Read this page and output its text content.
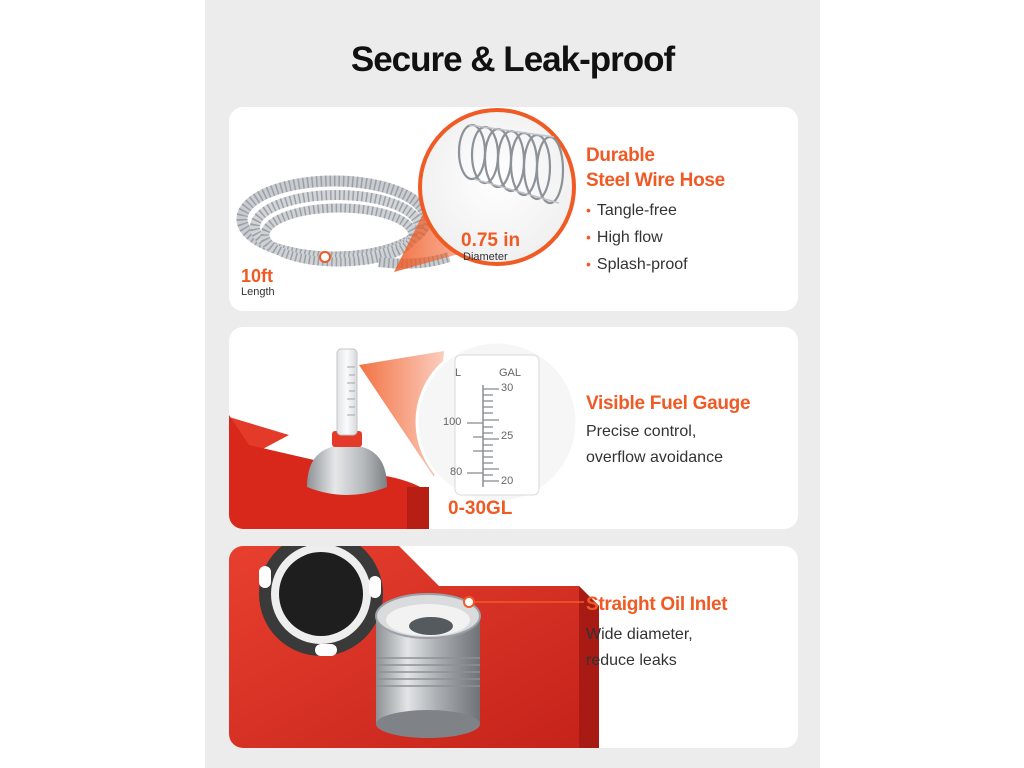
Secure & Leak-proof
0.75 in
Diameter
10ft
Length
Durable
Steel Wire Hose
• Tangle-free
• High flow
• Splash-proof
L	GAL
100
80
30
25
20
0-30GL
Visible Fuel Gauge
Precise control,
overflow avoidance
Straight Oil Inlet
Wide diameter,
reduce leaks
